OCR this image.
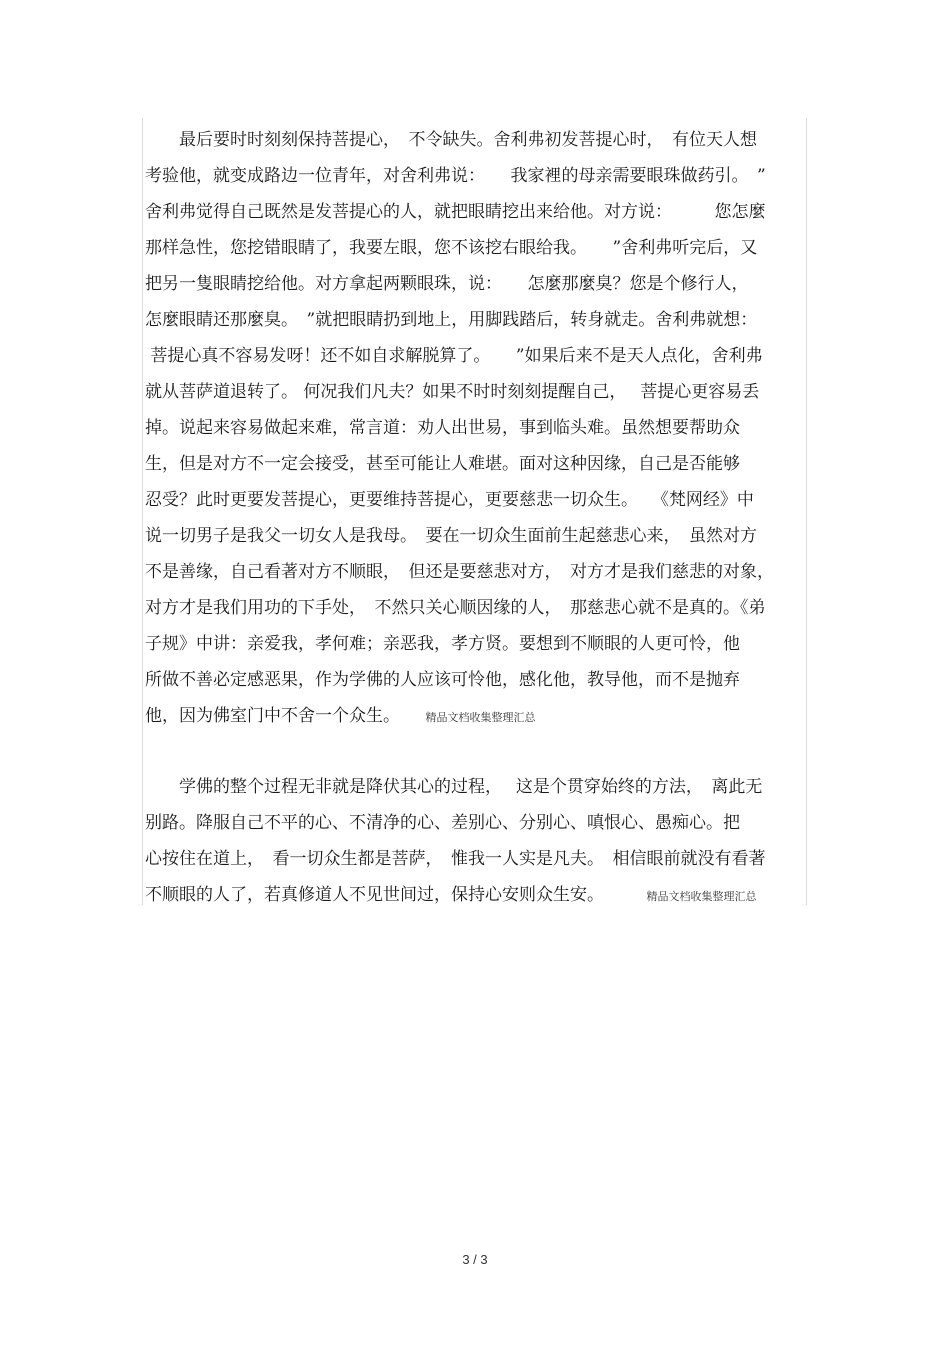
　　最后要时时刻刻保持菩提心，　不令缺失。舍利弗初发菩提心时，　有位天人想
考验他，就变成路边一位青年，对舍利弗说：　　我家裡的母亲需要眼珠做药引。　”
舍利弗觉得自己既然是发菩提心的人，就把眼睛挖出来给他。对方说：　　　您怎麼
那样急性，您挖错眼睛了，我要左眼，您不该挖右眼给我。　　”舍利弗听完后，又
把另一隻眼睛挖给他。对方拿起两颗眼珠，说：　　怎麼那麼臭？您是个修行人，
怎麼眼睛还那麼臭。　”就把眼睛扔到地上，用脚践踏后，转身就走。舍利弗就想：
菩提心真不容易发呀！还不如自求解脱算了。　　”如果后来不是天人点化，舍利弗
就从菩萨道退转了。 何况我们凡夫？如果不时时刻刻提醒自己，　 菩提心更容易丢
掉。说起来容易做起来难，常言道：劝人出世易，事到临头难。虽然想要帮助众
生，但是对方不一定会接受，甚至可能让人难堪。面对这种因缘，自己是否能够
忍受？此时更要发菩提心，更要维持菩提心，更要慈悲一切众生。　 《梵网经》中
说一切男子是我父一切女人是我母。　要在一切众生面前生起慈悲心来，　虽然对方
不是善缘，自己看著对方不顺眼，　但还是要慈悲对方，　对方才是我们慈悲的对象，
对方才是我们用功的下手处，　不然只关心顺因缘的人，　那慈悲心就不是真的。《弟
子规》中讲：亲爱我，孝何难；亲恶我，孝方贤。要想到不顺眼的人更可怜，他
所做不善必定感恶果，作为学佛的人应该可怜他，感化他，教导他，而不是抛弃
他，因为佛室门中不舍一个众生。　　	精品文档收集整理汇总
　　学佛的整个过程无非就是降伏其心的过程，　 这是个贯穿始终的方法，　离此无
别路。降服自己不平的心、不清净的心、差别心、分别心、嗔恨心、愚痴心。把
心按住在道上，　看一切众生都是菩萨，　惟我一人实是凡夫。　相信眼前就没有看著
不顺眼的人了，若真修道人不见世间过，保持心安则众生安。　　　	精品文档收集整理汇总
3 / 3
